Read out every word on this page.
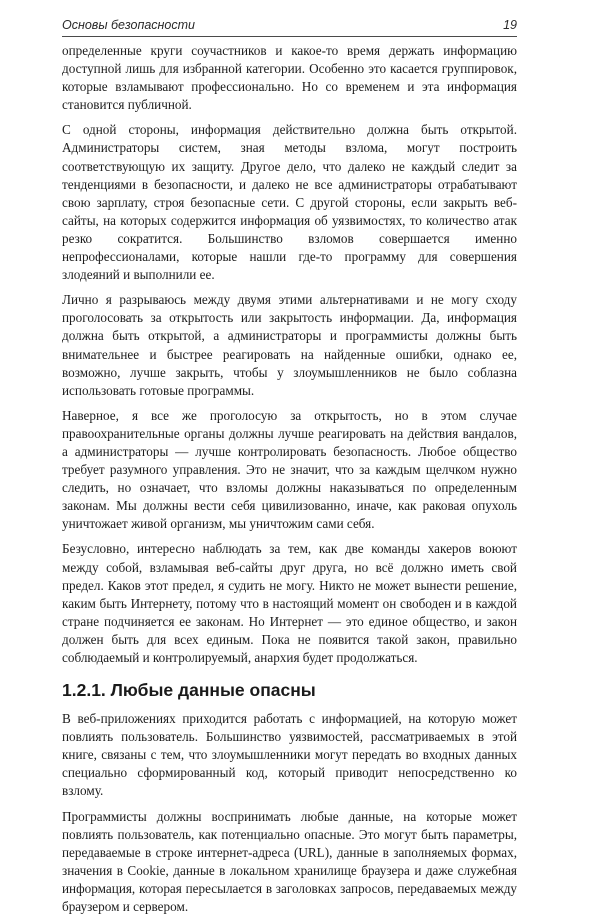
Основы безопасности	19

определенные круги соучастников и какое-то время держать информацию доступной лишь для избранной категории. Особенно это касается группировок, которые взламывают профессионально. Но со временем и эта информация становится публичной.

С одной стороны, информация действительно должна быть открытой. Администраторы систем, зная методы взлома, могут построить соответствующую их защиту. Другое дело, что далеко не каждый следит за тенденциями в безопасности, и далеко не все администраторы отрабатывают свою зарплату, строя безопасные сети. С другой стороны, если закрыть веб-сайты, на которых содержится информация об уязвимостях, то количество атак резко сократится. Большинство взломов совершается именно непрофессионалами, которые нашли где-то программу для совершения злодеяний и выполнили ее.

Лично я разрываюсь между двумя этими альтернативами и не могу сходу проголосовать за открытость или закрытость информации. Да, информация должна быть открытой, а администраторы и программисты должны быть внимательнее и быстрее реагировать на найденные ошибки, однако ее, возможно, лучше закрыть, чтобы у злоумышленников не было соблазна использовать готовые программы.

Наверное, я все же проголосую за открытость, но в этом случае правоохранительные органы должны лучше реагировать на действия вандалов, а администраторы — лучше контролировать безопасность. Любое общество требует разумного управления. Это не значит, что за каждым щелчком нужно следить, но означает, что взломы должны наказываться по определенным законам. Мы должны вести себя цивилизованно, иначе, как раковая опухоль уничтожает живой организм, мы уничтожим сами себя.

Безусловно, интересно наблюдать за тем, как две команды хакеров воюют между собой, взламывая веб-сайты друг друга, но всё должно иметь свой предел. Каков этот предел, я судить не могу. Никто не может вынести решение, каким быть Интернету, потому что в настоящий момент он свободен и в каждой стране подчиняется ее законам. Но Интернет — это единое общество, и закон должен быть для всех единым. Пока не появится такой закон, правильно соблюдаемый и контролируемый, анархия будет продолжаться.

1.2.1. Любые данные опасны

В веб-приложениях приходится работать с информацией, на которую может повлиять пользователь. Большинство уязвимостей, рассматриваемых в этой книге, связаны с тем, что злоумышленники могут передать во входных данных специально сформированный код, который приводит непосредственно ко взлому.

Программисты должны воспринимать любые данные, на которые может повлиять пользователь, как потенциально опасные. Это могут быть параметры, передаваемые в строке интернет-адреса (URL), данные в заполняемых формах, значения в Cookie, данные в локальном хранилище браузера и даже служебная информация, которая пересылается в заголовках запросов, передаваемых между браузером и сервером.
